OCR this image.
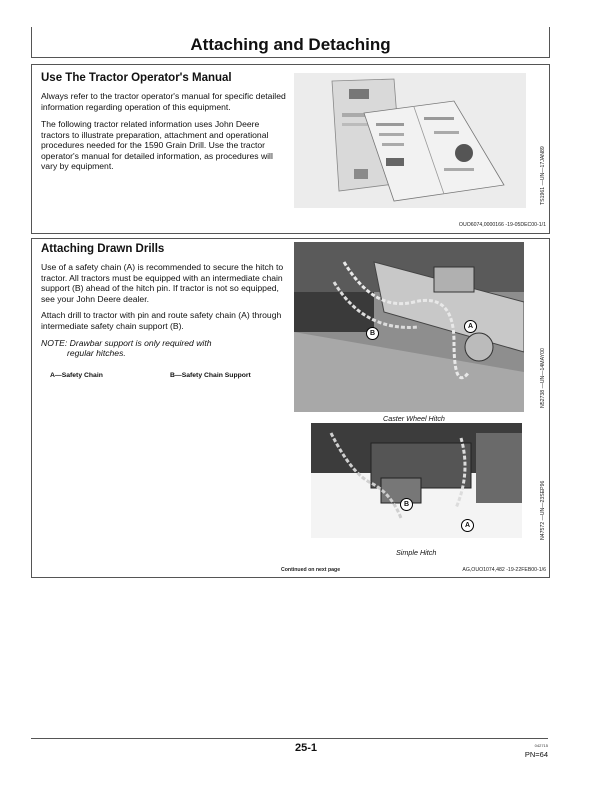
Attaching and Detaching
Use The Tractor Operator's Manual

Always refer to the tractor operator's manual for specific detailed information regarding operation of this equipment.

The following tractor related information uses John Deere tractors to illustrate preparation, attachment and operational procedures needed for the 1590 Grain Drill. Use the tractor operator's manual for detailed information, as procedures will vary by equipment.	TS1961 —UN—17JAN89
OUO6074,0000166 -19-05DEC00-1/1
Attaching Drawn Drills

Use of a safety chain (A) is recommended to secure the hitch to tractor. All tractors must be equipped with an intermediate chain support (B) ahead of the hitch pin. If tractor is not so equipped, see your John Deere dealer.

Attach drill to tractor with pin and route safety chain (A) through intermediate safety chain support (B).

NOTE: Drawbar support is only required with

regular hitches.

A—Safety Chain	B—Safety Chain Support
B
A
Caster Wheel Hitch
N52738 —UN—14MAY00
B
A
Simple Hitch
N47572 —UN—23SEP96
Continued on next page	AG,OUO1074,482 -19-22FEB00-1/6
25-1	042715
PN=64
